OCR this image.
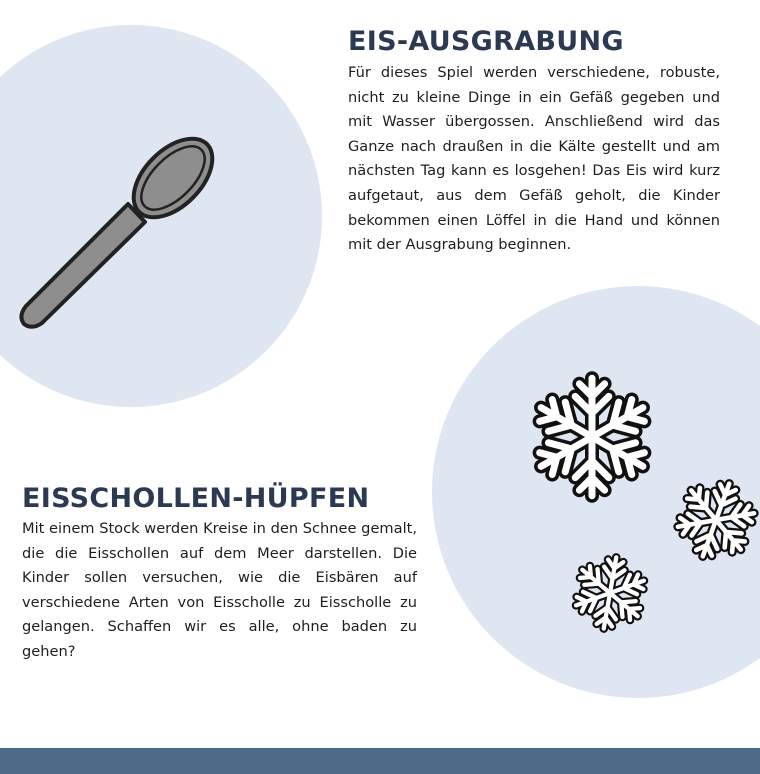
EIS-AUSGRABUNG

Für dieses Spiel werden verschiedene, robuste, nicht zu kleine Dinge in ein Gefäß gegeben und mit Wasser übergossen. Anschließend wird das Ganze nach draußen in die Kälte gestellt und am nächsten Tag kann es losgehen! Das Eis wird kurz aufgetaut, aus dem Gefäß geholt, die Kinder bekommen einen Löffel in die Hand und können mit der Ausgrabung beginnen.

EISSCHOLLEN-HÜPFEN

Mit einem Stock werden Kreise in den Schnee gemalt, die die Eisschollen auf dem Meer darstellen. Die Kinder sollen versuchen, wie die Eisbären auf verschiedene Arten von Eisscholle zu Eisscholle zu gelangen. Schaffen wir es alle, ohne baden zu gehen?
